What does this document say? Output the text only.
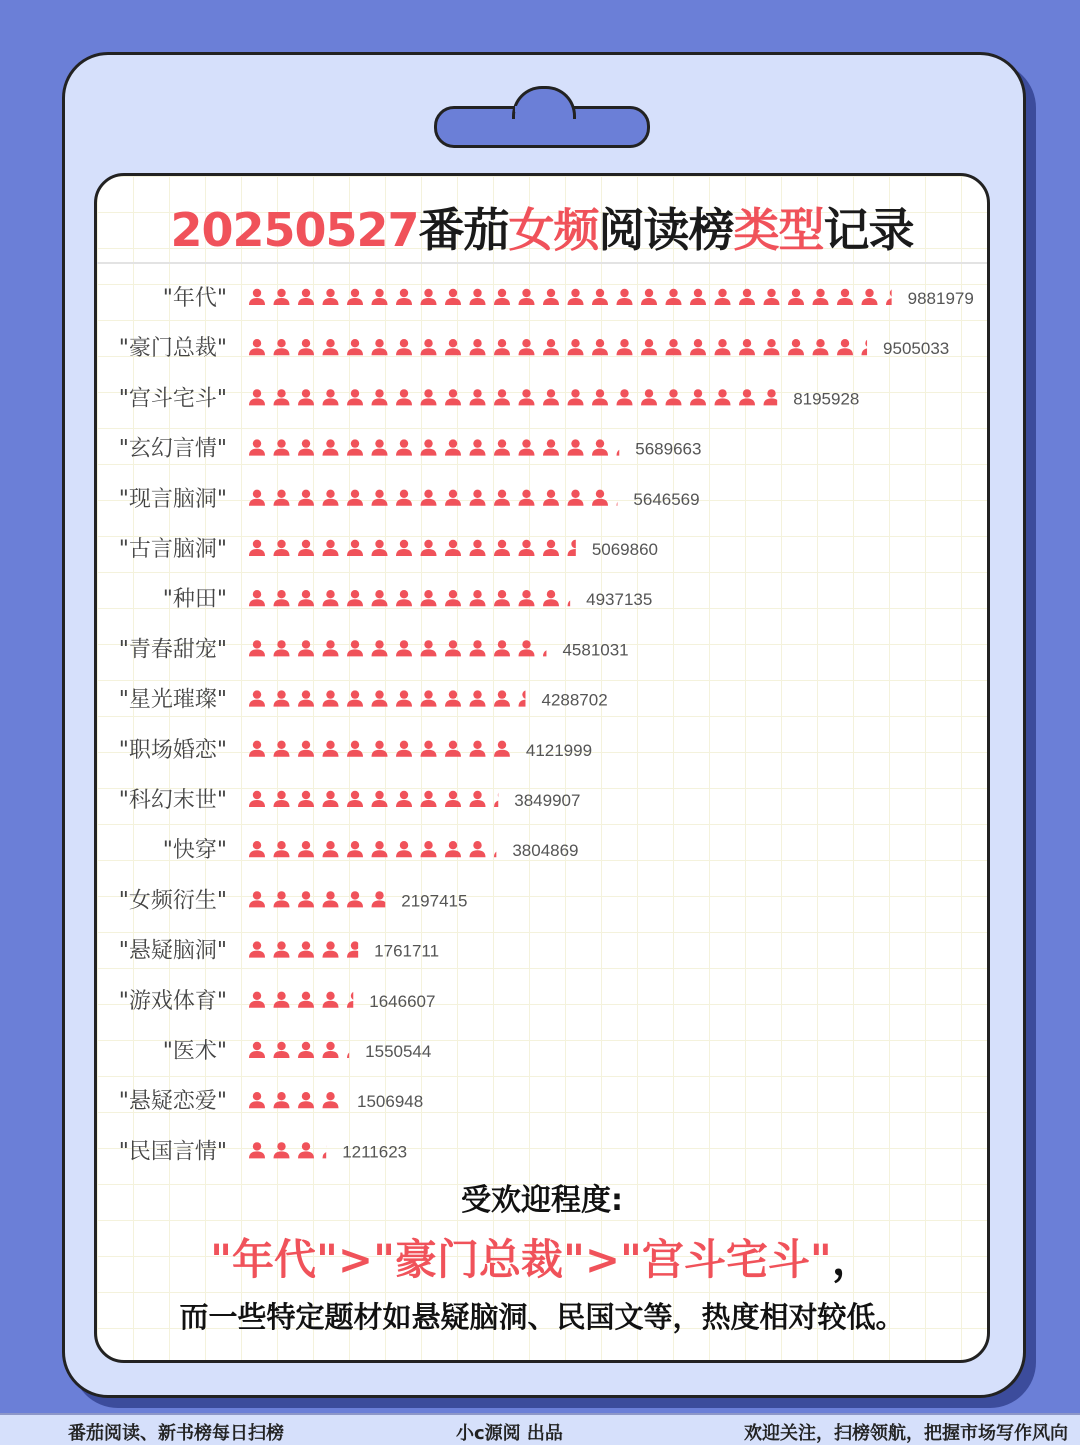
20250527番茄女频阅读榜类型记录
"年代"	9881979
"豪门总裁"	9505033
"宫斗宅斗"	8195928
"玄幻言情"	5689663
"现言脑洞"	5646569
"古言脑洞"	5069860
"种田"	4937135
"青春甜宠"	4581031
"星光璀璨"	4288702
"职场婚恋"	4121999
"科幻末世"	3849907
"快穿"	3804869
"女频衍生"	2197415
"悬疑脑洞"	1761711
"游戏体育"	1646607
"医术"	1550544
"悬疑恋爱"	1506948
"民国言情"	1211623
受欢迎程度:
"年代">"豪门总裁">"宫斗宅斗"，
而一些特定题材如悬疑脑洞、民国文等，热度相对较低。
番茄阅读、新书榜每日扫榜	小c源阅 出品	欢迎关注，扫榜领航，把握市场写作风向
